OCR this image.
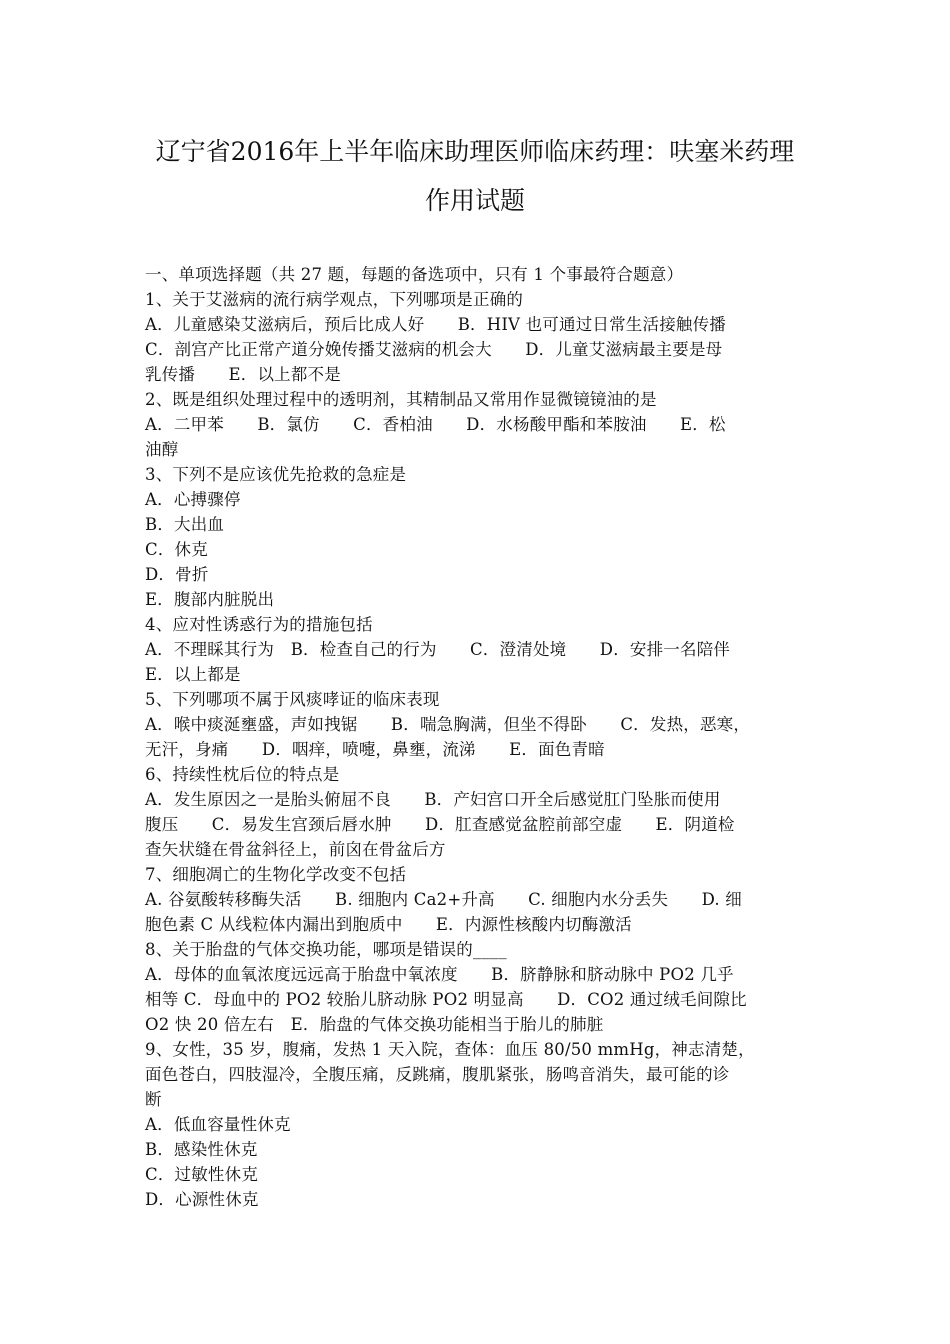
辽宁省2016年上半年临床助理医师临床药理：呋塞米药理
作用试题
一、单项选择题（共 27 题，每题的备选项中，只有 1 个事最符合题意）
1、关于艾滋病的流行病学观点，下列哪项是正确的
A．儿童感染艾滋病后，预后比成人好　　B．HIV 也可通过日常生活接触传播
C．剖宫产比正常产道分娩传播艾滋病的机会大　　D．儿童艾滋病最主要是母
乳传播　　E．以上都不是
2、既是组织处理过程中的透明剂，其精制品又常用作显微镜镜油的是
A．二甲苯　　B．氯仿　　C．香柏油　　D．水杨酸甲酯和苯胺油　　E．松
油醇
3、下列不是应该优先抢救的急症是
A．心搏骤停
B．大出血
C．休克
D．骨折
E．腹部内脏脱出
4、应对性诱惑行为的措施包括
A．不理睬其行为　B．检查自己的行为　　C．澄清处境　　D．安排一名陪伴
E．以上都是
5、下列哪项不属于风痰哮证的临床表现
A．喉中痰涎壅盛，声如拽锯　　B．喘急胸满，但坐不得卧　　C．发热，恶寒，
无汗，身痛　　D．咽痒，喷嚏，鼻壅，流涕　　E．面色青暗
6、持续性枕后位的特点是
A．发生原因之一是胎头俯屈不良　　B．产妇宫口开全后感觉肛门坠胀而使用
腹压　　C．易发生宫颈后唇水肿　　D．肛查感觉盆腔前部空虚　　E．阴道检
查矢状缝在骨盆斜径上，前囟在骨盆后方
7、细胞凋亡的生物化学改变不包括
A. 谷氨酸转移酶失活　　B. 细胞内 Ca2+升高　　C. 细胞内水分丢失　　D. 细
胞色素 C 从线粒体内漏出到胞质中　　E．内源性核酸内切酶激活
8、关于胎盘的气体交换功能，哪项是错误的____
A．母体的血氧浓度远远高于胎盘中氧浓度　　B．脐静脉和脐动脉中 PO2 几乎
相等 C．母血中的 PO2 较胎儿脐动脉 PO2 明显高　　D．CO2 通过绒毛间隙比
O2 快 20 倍左右　E．胎盘的气体交换功能相当于胎儿的肺脏
9、女性，35 岁，腹痛，发热 1 天入院，查体：血压 80/50 mmHg，神志清楚，
面色苍白，四肢湿冷，全腹压痛，反跳痛，腹肌紧张，肠鸣音消失，最可能的诊
断
A．低血容量性休克
B．感染性休克
C．过敏性休克
D．心源性休克
